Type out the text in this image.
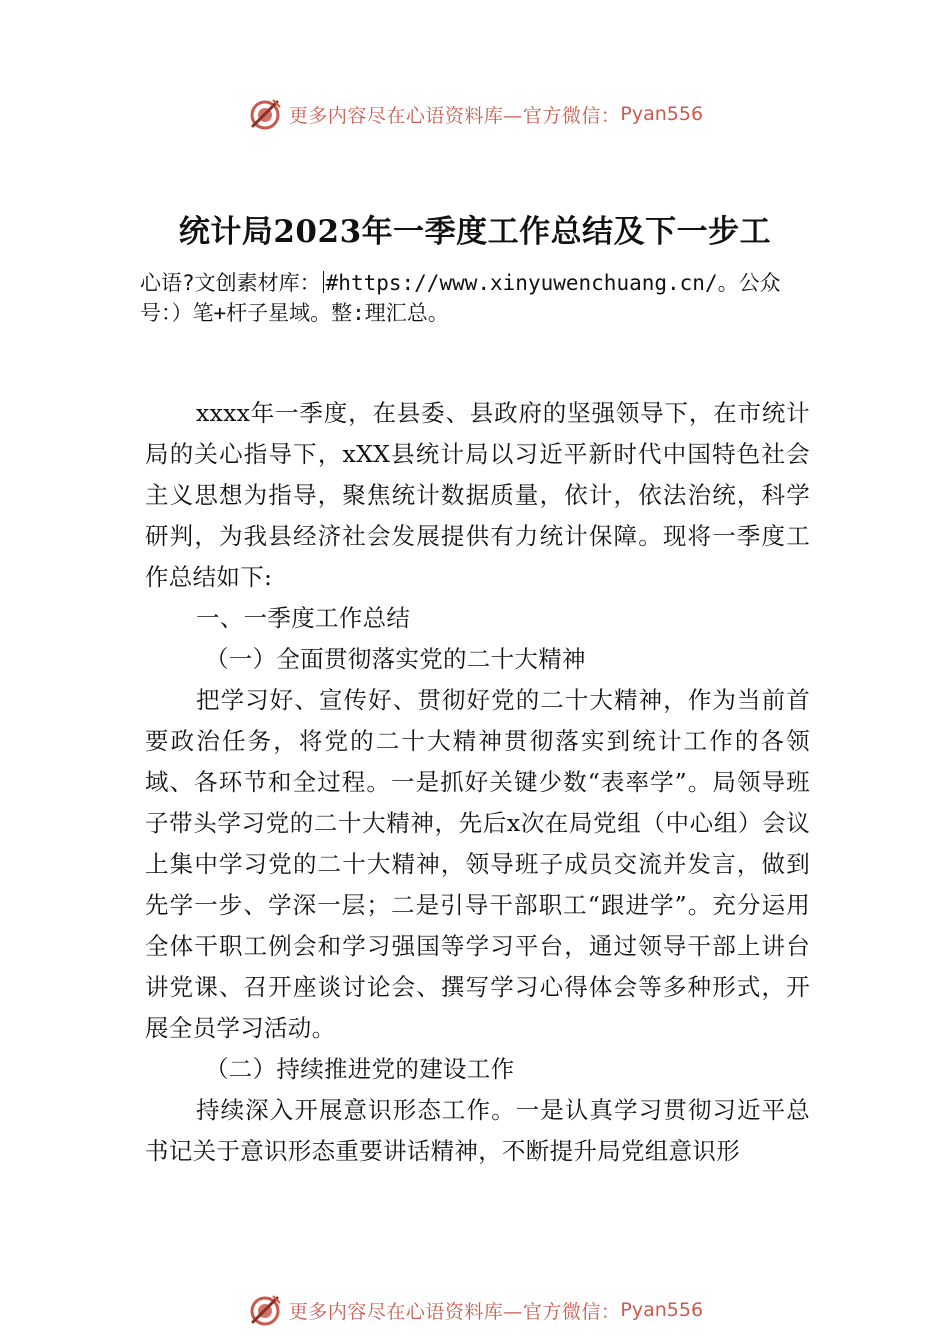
更多内容尽在心语资料库—官方微信： Pyan556
统计局2023年一季度工作总结及下一步工
心语?文创素材库： #https://www.xinyuwenchuang.cn/。公众
号：）笔+杆子星域。整:理汇总。

xxxx年一季度，在县委、县政府的坚强领导下，在市统计局的关心指导下，xXX县统计局以习近平新时代中国特色社会主义思想为指导，聚焦统计数据质量，依计，依法治统，科学研判，为我县经济社会发展提供有力统计保障。现将一季度工作总结如下:

一、一季度工作总结

（一）全面贯彻落实党的二十大精神

把学习好、宣传好、贯彻好党的二十大精神，作为当前首要政治任务，将党的二十大精神贯彻落实到统计工作的各领域、各环节和全过程。一是抓好关键少数“表率学”。局领导班子带头学习党的二十大精神，先后x次在局党组（中心组）会议上集中学习党的二十大精神，领导班子成员交流并发言，做到先学一步、学深一层；二是引导干部职工“跟进学”。充分运用全体干职工例会和学习强国等学习平台，通过领导干部上讲台讲党课、召开座谈讨论会、撰写学习心得体会等多种形式，开展全员学习活动。

（二）持续推进党的建设工作

持续深入开展意识形态工作。一是认真学习贯彻习近平总书记关于意识形态重要讲话精神，不断提升局党组意识形

更多内容尽在心语资料库—官方微信： Pyan556
